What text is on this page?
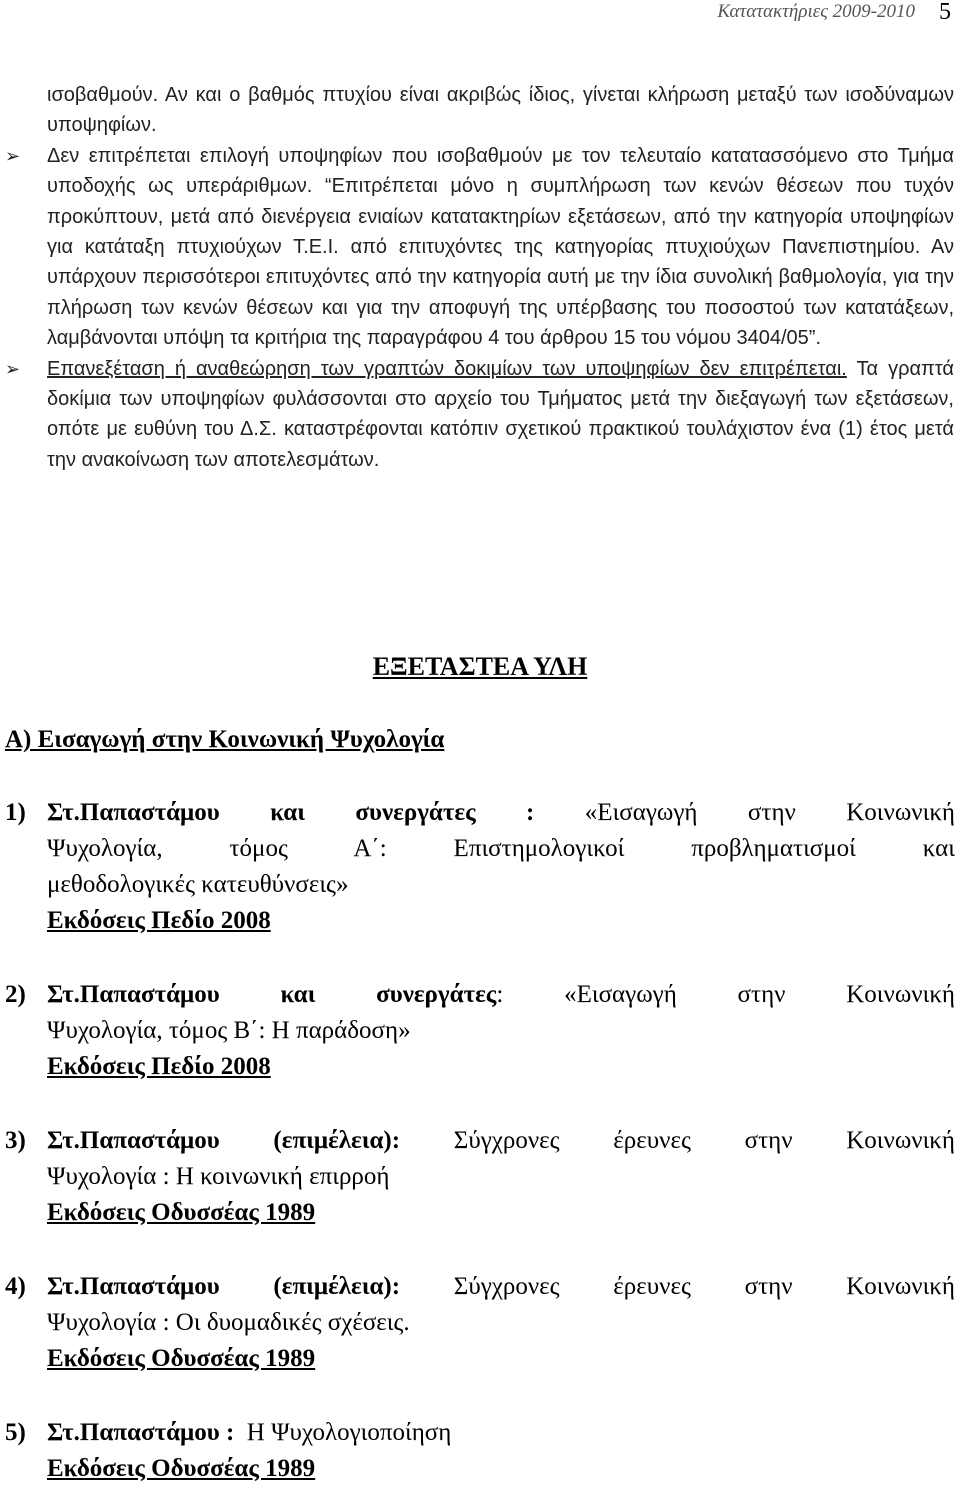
Κατατακτήριες 2009-2010 5

ισοβαθμούν. Αν και ο βαθμός πτυχίου είναι ακριβώς ίδιος, γίνεται κλήρωση μεταξύ των ισοδύναμων υποψηφίων.

➢ Δεν επιτρέπεται επιλογή υποψηφίων που ισοβαθμούν με τον τελευταίο κατατασσόμενο στο Τμήμα υποδοχής ως υπεράριθμων. “Επιτρέπεται μόνο η συμπλήρωση των κενών θέσεων που τυχόν προκύπτουν, μετά από διενέργεια ενιαίων κατατακτηρίων εξετάσεων, από την κατηγορία υποψηφίων για κατάταξη πτυχιούχων Τ.Ε.Ι. από επιτυχόντες της κατηγορίας πτυχιούχων Πανεπιστημίου. Αν υπάρχουν περισσότεροι επιτυχόντες από την κατηγορία αυτή με την ίδια συνολική βαθμολογία, για την πλήρωση των κενών θέσεων και για την αποφυγή της υπέρβασης του ποσοστού των κατατάξεων, λαμβάνονται υπόψη τα κριτήρια της παραγράφου 4 του άρθρου 15 του νόμου 3404/05”.

➢ Επανεξέταση ή αναθεώρηση των γραπτών δοκιμίων των υποψηφίων δεν επιτρέπεται. Τα γραπτά δοκίμια των υποψηφίων φυλάσσονται στο αρχείο του Τμήματος μετά την διεξαγωγή των εξετάσεων, οπότε με ευθύνη του Δ.Σ. καταστρέφονται κατόπιν σχετικού πρακτικού τουλάχιστον ένα (1) έτος μετά την ανακοίνωση των αποτελεσμάτων.

ΕΞΕΤΑΣΤΕΑ ΥΛΗ
Α) Εισαγωγή στην Κοινωνική Ψυχολογία
1) Στ.Παπαστάμου και συνεργάτες : «Εισαγωγή στην Κοινωνική
Ψυχολογία, τόμος Α΄: Επιστημολογικοί προβληματισμοί και
μεθοδολογικές κατευθύνσεις»
Εκδόσεις Πεδίο 2008
2) Στ.Παπαστάμου και συνεργάτες: «Εισαγωγή στην Κοινωνική
Ψυχολογία, τόμος Β΄: Η παράδοση»
Εκδόσεις Πεδίο 2008
3) Στ.Παπαστάμου (επιμέλεια): Σύγχρονες έρευνες στην Κοινωνική
Ψυχολογία : Η κοινωνική επιρροή
Εκδόσεις Οδυσσέας 1989
4) Στ.Παπαστάμου (επιμέλεια): Σύγχρονες έρευνες στην Κοινωνική
Ψυχολογία : Οι δυομαδικές σχέσεις.
Εκδόσεις Οδυσσέας 1989
5) Στ.Παπαστάμου :  Η Ψυχολογιοποίηση
Εκδόσεις Οδυσσέας 1989
